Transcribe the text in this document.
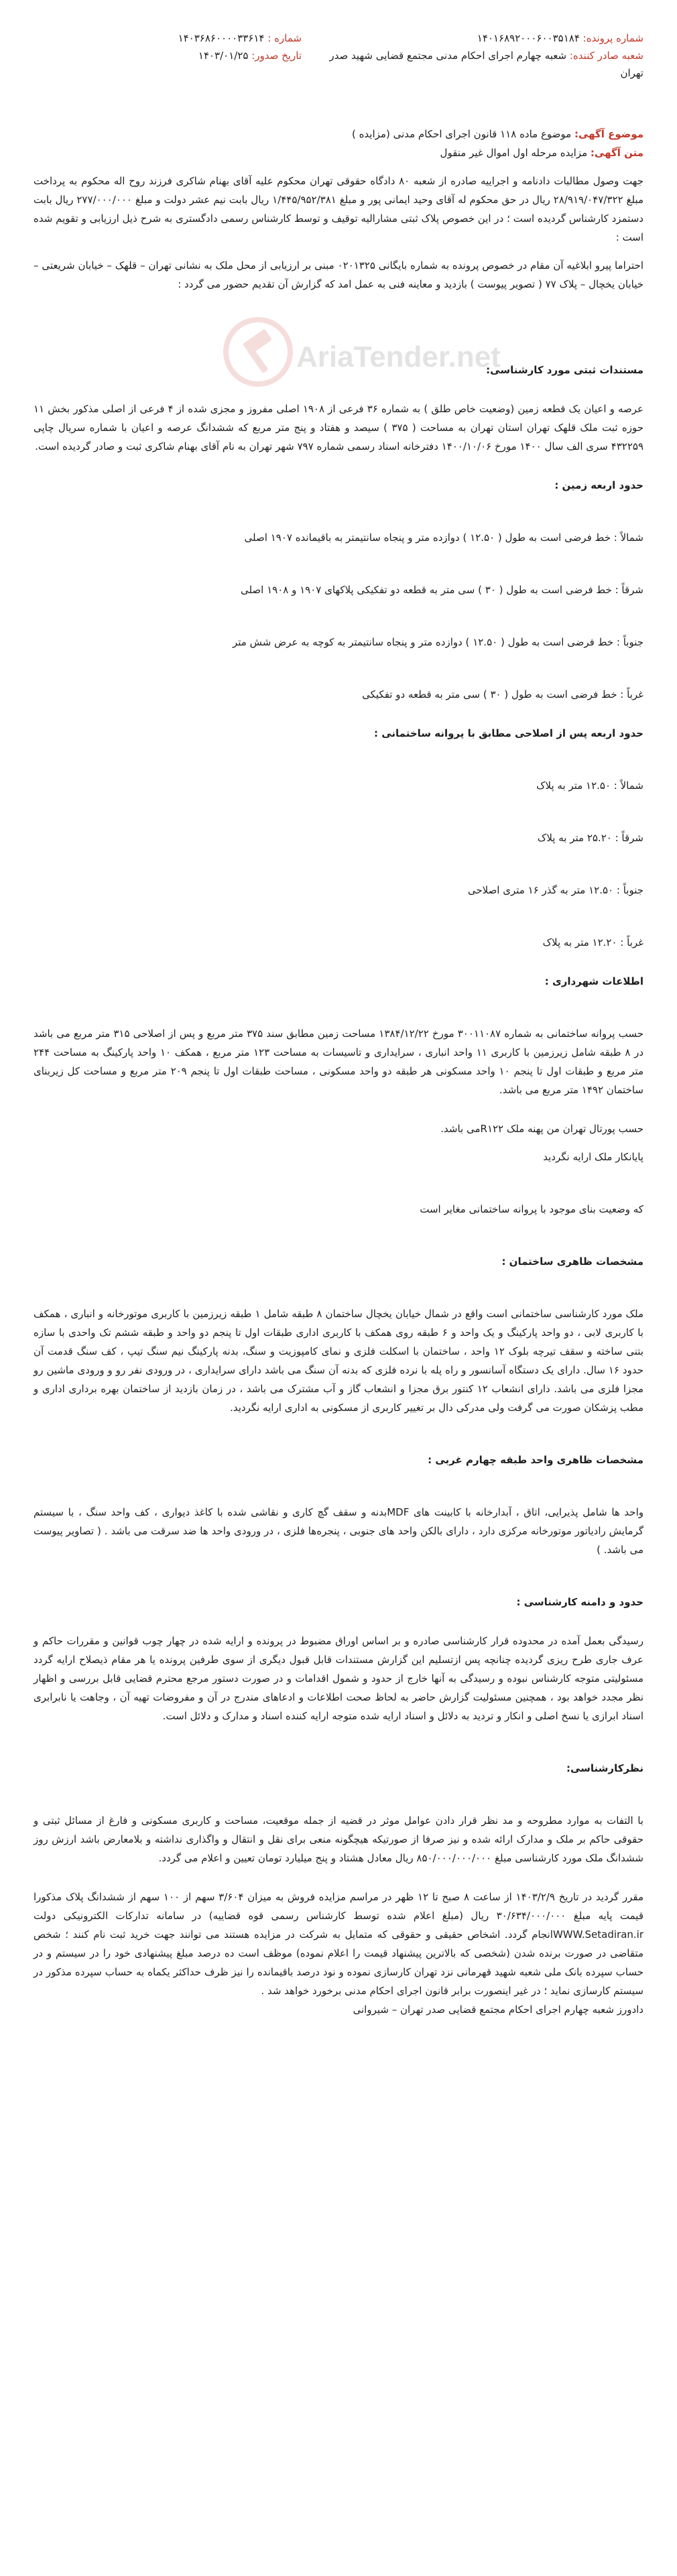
شماره پرونده: ۱۴۰۱۶۸۹۲۰۰۰۶۰۰۳۵۱۸۴
شعبه صادر کننده: شعبه چهارم اجرای احکام مدنی مجتمع قضایی شهید صدر تهران
شماره : ۱۴۰۳۶۸۶۰۰۰۰۳۳۶۱۴
تاریخ صدور: ۱۴۰۳/۰۱/۲۵
AriaTender.net

موضوع آگهی: موضوع ماده ۱۱۸ قانون اجرای احکام مدنی (مزایده )

متن آگهی: مزایده مرحله اول اموال غیر منقول

جهت وصول مطالبات دادنامه و اجراییه صادره از شعبه ۸۰ دادگاه حقوقی تهران محکوم علیه آقای بهنام شاکری فرزند روح اله محکوم به پرداخت مبلغ ۲۸/۹۱۹/۰۴۷/۳۲۲ ریال در حق محکوم له آقای وحید ایمانی پور و مبلغ ۱/۴۴۵/۹۵۲/۳۸۱ ریال بابت نیم عشر دولت و مبلغ ۲۷۷/۰۰۰/۰۰۰ ریال بابت دستمزد کارشناس گردیده است ؛ در این خصوص پلاک ثبتی مشارالیه توقیف و توسط کارشناس رسمی دادگستری به شرح ذیل ارزیابی و تقویم شده است :

احتراما پیرو ابلاغیه آن مقام در خصوص پرونده به شماره بایگانی ۰۲۰۱۳۲۵ مبنی بر ارزیابی از محل ملک به نشانی تهران – قلهک – خیابان شریعتی – خیابان یخچال – پلاک ۷۷ ( تصویر پیوست ) بازدید و معاینه فنی به عمل امد که گزارش آن تقدیم حضور می گردد :

مستندات ثبتی مورد کارشناسی:

عرصه و اعیان یک قطعه زمین (وضعیت خاص طلق ) به شماره ۳۶ فرعی از ۱۹۰۸ اصلی مفروز و مجزی شده از ۴ فرعی از اصلی مذکور بخش ۱۱ حوزه ثبت ملک قلهک تهران استان تهران به مساحت ( ۳۷۵ ) سیصد و هفتاد و پنج متر مربع که ششدانگ عرصه و اعیان با شماره سریال چاپی ۴۳۲۲۵۹ سری الف سال ۱۴۰۰ مورخ ۱۴۰۰/۱۰/۰۶ دفترخانه اسناد رسمی شماره ۷۹۷ شهر تهران به نام آقای بهنام شاکری ثبت و صادر گردیده است.

حدود اربعه زمین :

شمالاً : خط فرضی است به طول ( ۱۲.۵۰ ) دوازده متر و پنجاه سانتیمتر به باقیمانده ۱۹۰۷ اصلی

شرقاً : خط فرضی است به طول ( ۳۰ ) سی متر به قطعه دو تفکیکی پلاکهای ۱۹۰۷ و ۱۹۰۸ اصلی

جنوباً : خط فرضی است به طول ( ۱۲.۵۰ ) دوازده متر و پنجاه سانتیمتر به کوچه به عرض شش متر

غرباً : خط فرضی است به طول ( ۳۰ ) سی متر به قطعه دو تفکیکی

حدود اربعه پس از اصلاحی مطابق با پروانه ساختمانی :

شمالاً : ۱۲.۵۰ متر به پلاک

شرقاً : ۲۵.۲۰ متر به پلاک

جنوباً : ۱۲.۵۰ متر به گذر ۱۶ متری اصلاحی

غرباً : ۱۲.۲۰ متر به پلاک

اطلاعات شهرداری :

حسب پروانه ساختمانی به شماره ۳۰۰۱۱۰۸۷ مورخ ۱۳۸۴/۱۲/۲۲ مساحت زمین مطابق سند ۳۷۵ متر مربع و پس از اصلاحی ۳۱۵ متر مربع می باشد در ۸ طبقه شامل زیرزمین با کاربری ۱۱ واحد انباری ، سرایداری و تاسیسات به مساحت ۱۲۳ متر مربع ، همکف ۱۰ واحد پارکینگ به مساحت ۲۴۴ متر مربع و طبقات اول تا پنجم ۱۰ واحد مسکونی هر طبقه دو واحد مسکونی ، مساحت طبقات اول تا پنجم ۲۰۹ متر مربع و مساحت کل زیربنای ساختمان ۱۴۹۲ متر مربع می باشد.

حسب پورتال تهران من پهنه ملک R۱۲۲می باشد.

پایانکار ملک ارایه نگردید

که وضعیت بنای موجود با پروانه ساختمانی مغایر است

مشخصات ظاهری ساختمان :

ملک مورد کارشناسی ساختمانی است واقع در شمال خیابان یخچال ساختمان ۸ طبقه شامل ۱ طبقه زیرزمین با کاربری موتورخانه و انباری ، همکف با کاربری لابی ، دو واحد پارکینگ و یک واحد و ۶ طبقه روی همکف با کاربری اداری طبقات اول تا پنجم دو واحد و طبقه ششم تک واحدی با سازه بتنی ساخته و سقف تیرچه بلوک ۱۲ واحد ، ساختمان با اسکلت فلزی و نمای کامپوزیت و سنگ، بدنه پارکینگ نیم سنگ تیپ ، کف سنگ قدمت آن حدود ۱۶ سال. دارای یک دستگاه آسانسور و راه پله با نرده فلزی که بدنه آن سنگ می باشد دارای سرایداری ، در ورودی نفر رو و ورودی ماشین رو مجزا فلزی می باشد. دارای انشعاب ۱۲ کنتور برق مجزا و انشعاب گاز و آب مشترک می باشد ، در زمان بازدید از ساختمان بهره برداری اداری و مطب پزشکان صورت می گرفت ولی مدرکی دال بر تغییر کاربری از مسکونی به اداری ارایه نگردید.

مشخصات ظاهری واحد طبقه چهارم غربی :

واحد ها شامل پذیرایی، اتاق ، آبدارخانه با کابینت های MDFبدنه و سقف گچ کاری و نقاشی شده با کاغذ دیواری ، کف واحد سنگ ، با سیستم گرمایش رادیاتور موتورخانه مرکزی دارد ، دارای بالکن واحد های جنوبی ، پنجره‌ها فلزی ، در ورودی واحد ها ضد سرقت می باشد . ( تصاویر پیوست می باشد. )

حدود و دامنه کارشناسی :

رسیدگی بعمل آمده در محدوده قرار کارشناسی صادره و بر اساس اوراق مضبوط در پرونده و ارایه شده در چهار چوب قوانین و مقررات حاکم و عرف جاری طرح ریزی گردیده چنانچه پس ازتسلیم این گزارش مستندات قابل قبول دیگری از سوی طرفین پرونده یا هر مقام ذیصلاح ارایه گردد مسئولیتی متوجه کارشناس نبوده و رسیدگی به آنها خارج از حدود و شمول اقدامات و در صورت دستور مرجع محترم قضایی قابل بررسی و اظهار نظر مجدد خواهد بود ، همچنین مسئولیت گزارش حاضر به لحاظ صحت اطلاعات و ادعاهای مندرج در آن و مفروضات تهیه آن ، وجاهت یا نابرابری اسناد ابرازی یا نسخ اصلی و انکار و تردید به دلائل و اسناد ارایه شده متوجه ارایه کننده اسناد و مدارک و دلائل است.

نظرکارشناسی:

با التفات به موارد مطروحه و مد نظر قرار دادن عوامل موثر در قضیه از جمله موقعیت، مساحت و کاربری مسکونی و فارغ از مسائل ثبتی و حقوقی حاکم بر ملک و مدارک ارائه شده و نیز صرفا از صورتیکه هیچگونه منعی برای نقل و انتقال و واگذاری نداشته و بلامعارض باشد ارزش روز ششدانگ ملک مورد کارشناسی مبلغ ۸۵۰/۰۰۰/۰۰۰/۰۰۰ ریال معادل هشتاد و پنج میلیارد تومان تعیین و اعلام می گردد.

مقرر گردید در تاریخ ۱۴۰۳/۲/۹ از ساعت ۸ صبح تا ۱۲ ظهر در مراسم مزایده فروش به میزان ۳/۶۰۴ سهم از ۱۰۰ سهم از ششدانگ پلاک مذکورا قیمت پایه مبلغ ۳۰/۶۳۴/۰۰۰/۰۰۰ ریال (مبلغ اعلام شده توسط کارشناس رسمی قوه قضاییه) در سامانه تدارکات الکترونیکی دولت WWW.Setadiran.irانجام گردد. اشخاص حقیقی و حقوقی که متمایل به شرکت در مزایده هستند می توانند جهت خرید ثبت نام کنند ؛ شخص متقاضی در صورت برنده شدن (شخصی که بالاترین پیشنهاد قیمت را اعلام نموده) موظف است ده درصد مبلغ پیشنهادی خود را در سیستم و در حساب سپرده بانک ملی شعبه شهید قهرمانی نزد تهران کارسازی نموده و نود درصد باقیمانده را نیز ظرف حداکثر یکماه به حساب سپرده مذکور در سیستم کارسازی نماید ؛ در غیر اینصورت برابر قانون اجرای احکام مدنی برخورد خواهد شد .

دادورز شعبه چهارم اجرای احکام مجتمع قضایی صدر تهران – شیروانی
